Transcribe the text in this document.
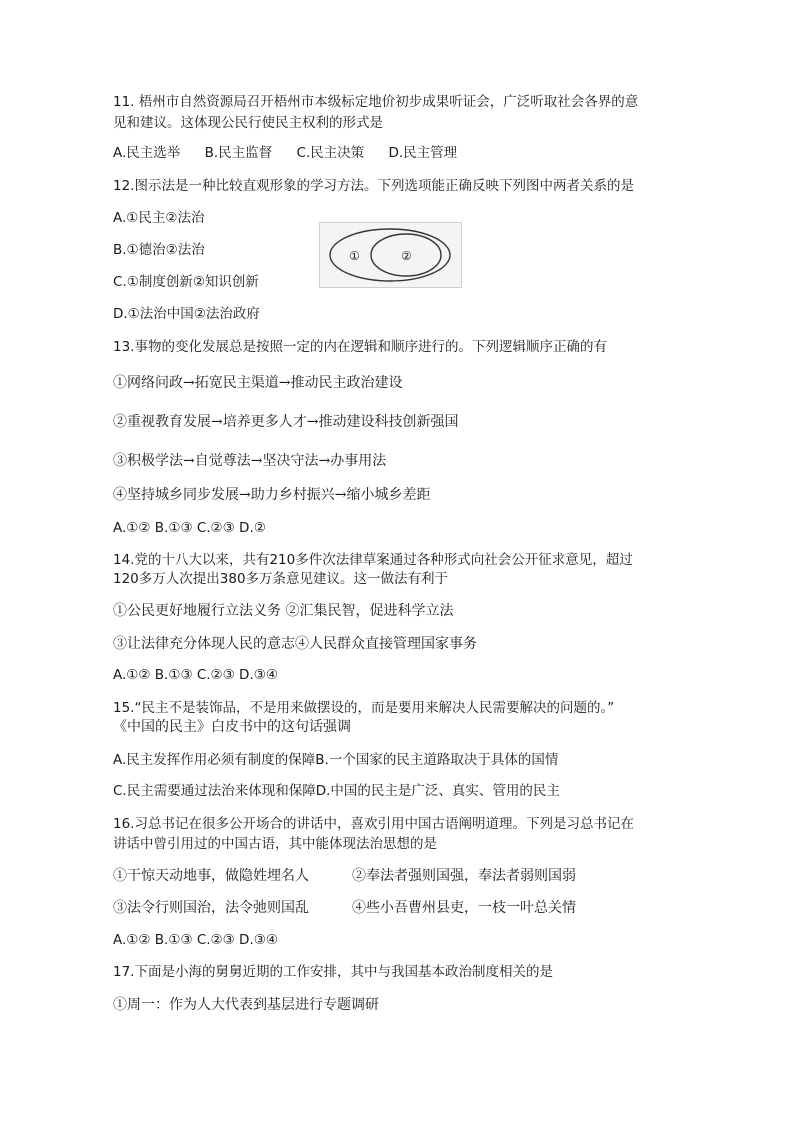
11. 梧州市自然资源局召开梧州市本级标定地价初步成果听证会，广泛听取社会各界的意
见和建议。这体现公民行使民主权利的形式是
A.民主选举 B.民主监督 C.民主决策 D.民主管理
12.图示法是一种比较直观形象的学习方法。下列选项能正确反映下列图中两者关系的是
A.①民主②法治
B.①德治②法治
C.①制度创新②知识创新
D.①法治中国②法治政府
①	②
13.事物的变化发展总是按照一定的内在逻辑和顺序进行的。下列逻辑顺序正确的有
①网络问政→拓宽民主渠道→推动民主政治建设
②重视教育发展→培养更多人才→推动建设科技创新强国
③积极学法→自觉尊法→坚决守法→办事用法
④坚持城乡同步发展→助力乡村振兴→缩小城乡差距
A.①② B.①③ C.②③ D.②
14.党的十八大以来，共有210多件次法律草案通过各种形式向社会公开征求意见，超过
120多万人次提出380多万条意见建议。这一做法有利于
①公民更好地履行立法义务 ②汇集民智，促进科学立法
③让法律充分体现人民的意志④人民群众直接管理国家事务
A.①② B.①③ C.②③ D.③④
15.“民主不是装饰品，不是用来做摆设的，而是要用来解决人民需要解决的问题的。”
《中国的民主》白皮书中的这句话强调
A.民主发挥作用必须有制度的保障B.一个国家的民主道路取决于具体的国情
C.民主需要通过法治来体现和保障D.中国的民主是广泛、真实、管用的民主
16.习总书记在很多公开场合的讲话中，喜欢引用中国古语阐明道理。下列是习总书记在
讲话中曾引用过的中国古语，其中能体现法治思想的是
①干惊天动地事，做隐姓埋名人	②奉法者强则国强，奉法者弱则国弱
③法令行则国治，法令弛则国乱	④些小吾曹州县吏，一枝一叶总关情
A.①② B.①③ C.②③ D.③④
17.下面是小海的舅舅近期的工作安排，其中与我国基本政治制度相关的是
①周一：作为人大代表到基层进行专题调研
